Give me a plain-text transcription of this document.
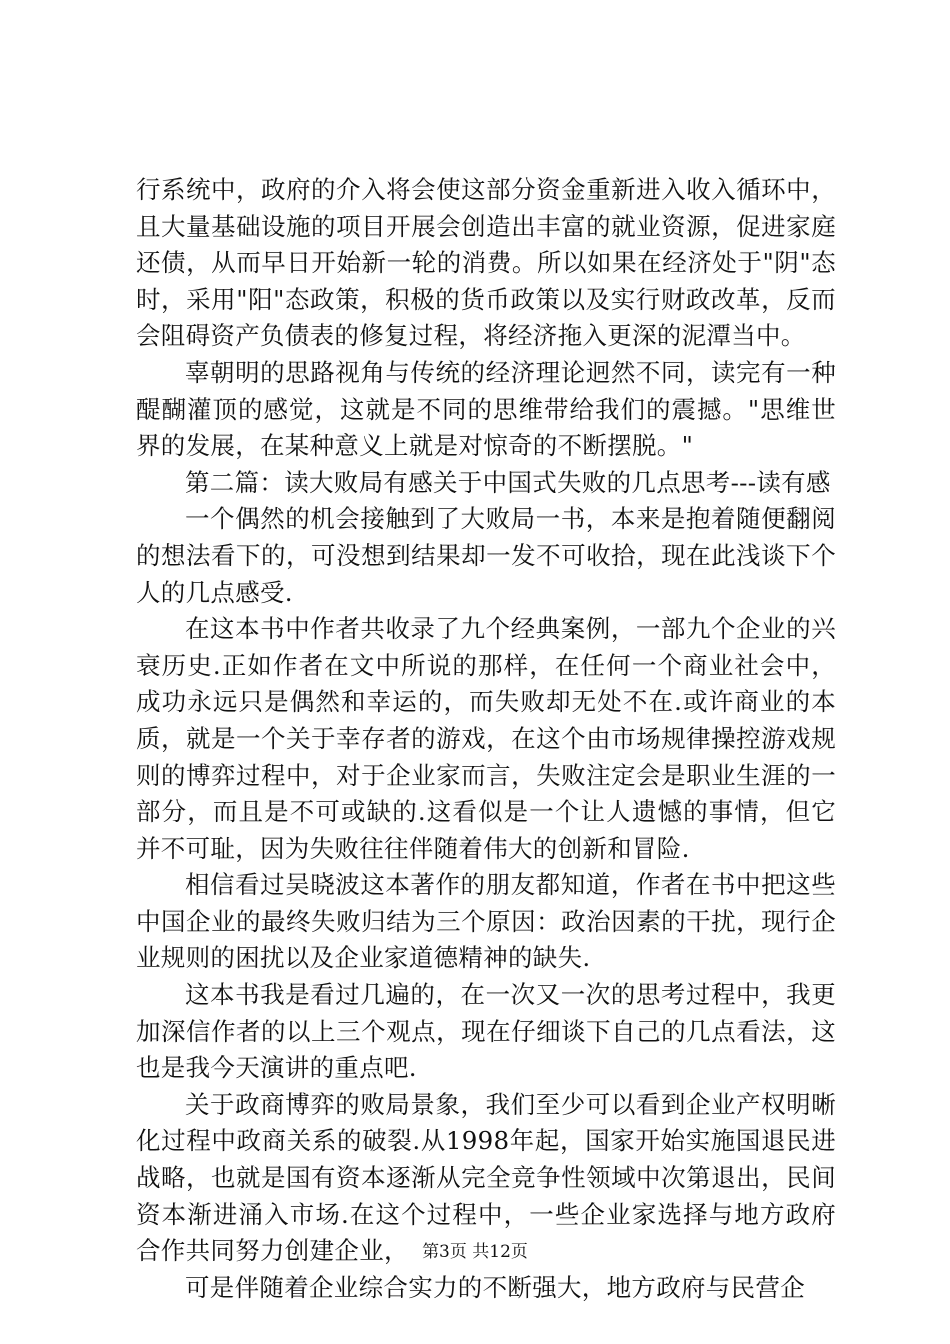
行系统中，政府的介入将会使这部分资金重新进入收入循环中，且大量基础设施的项目开展会创造出丰富的就业资源，促进家庭还债，从而早日开始新一轮的消费。所以如果在经济处于"阴"态时，采用"阳"态政策，积极的货币政策以及实行财政改革，反而会阻碍资产负债表的修复过程，将经济拖入更深的泥潭当中。

辜朝明的思路视角与传统的经济理论迥然不同，读完有一种醍醐灌顶的感觉，这就是不同的思维带给我们的震撼。"思维世界的发展，在某种意义上就是对惊奇的不断摆脱。"

第二篇：读大败局有感关于中国式失败的几点思考---读有感

一个偶然的机会接触到了大败局一书，本来是抱着随便翻阅的想法看下的，可没想到结果却一发不可收拾，现在此浅谈下个人的几点感受.

在这本书中作者共收录了九个经典案例，一部九个企业的兴衰历史.正如作者在文中所说的那样，在任何一个商业社会中，成功永远只是偶然和幸运的，而失败却无处不在.或许商业的本质，就是一个关于幸存者的游戏，在这个由市场规律操控游戏规则的博弈过程中，对于企业家而言，失败注定会是职业生涯的一部分，而且是不可或缺的.这看似是一个让人遗憾的事情，但它并不可耻，因为失败往往伴随着伟大的创新和冒险.

相信看过吴晓波这本著作的朋友都知道，作者在书中把这些中国企业的最终失败归结为三个原因：政治因素的干扰，现行企业规则的困扰以及企业家道德精神的缺失.

这本书我是看过几遍的，在一次又一次的思考过程中，我更加深信作者的以上三个观点，现在仔细谈下自己的几点看法，这也是我今天演讲的重点吧.

关于政商博弈的败局景象，我们至少可以看到企业产权明晰化过程中政商关系的破裂.从1998年起，国家开始实施国退民进战略，也就是国有资本逐渐从完全竞争性领域中次第退出，民间资本渐进涌入市场.在这个过程中，一些企业家选择与地方政府合作共同努力创建企业，

可是伴随着企业综合实力的不断强大，地方政府与民营企

第3页 共12页
